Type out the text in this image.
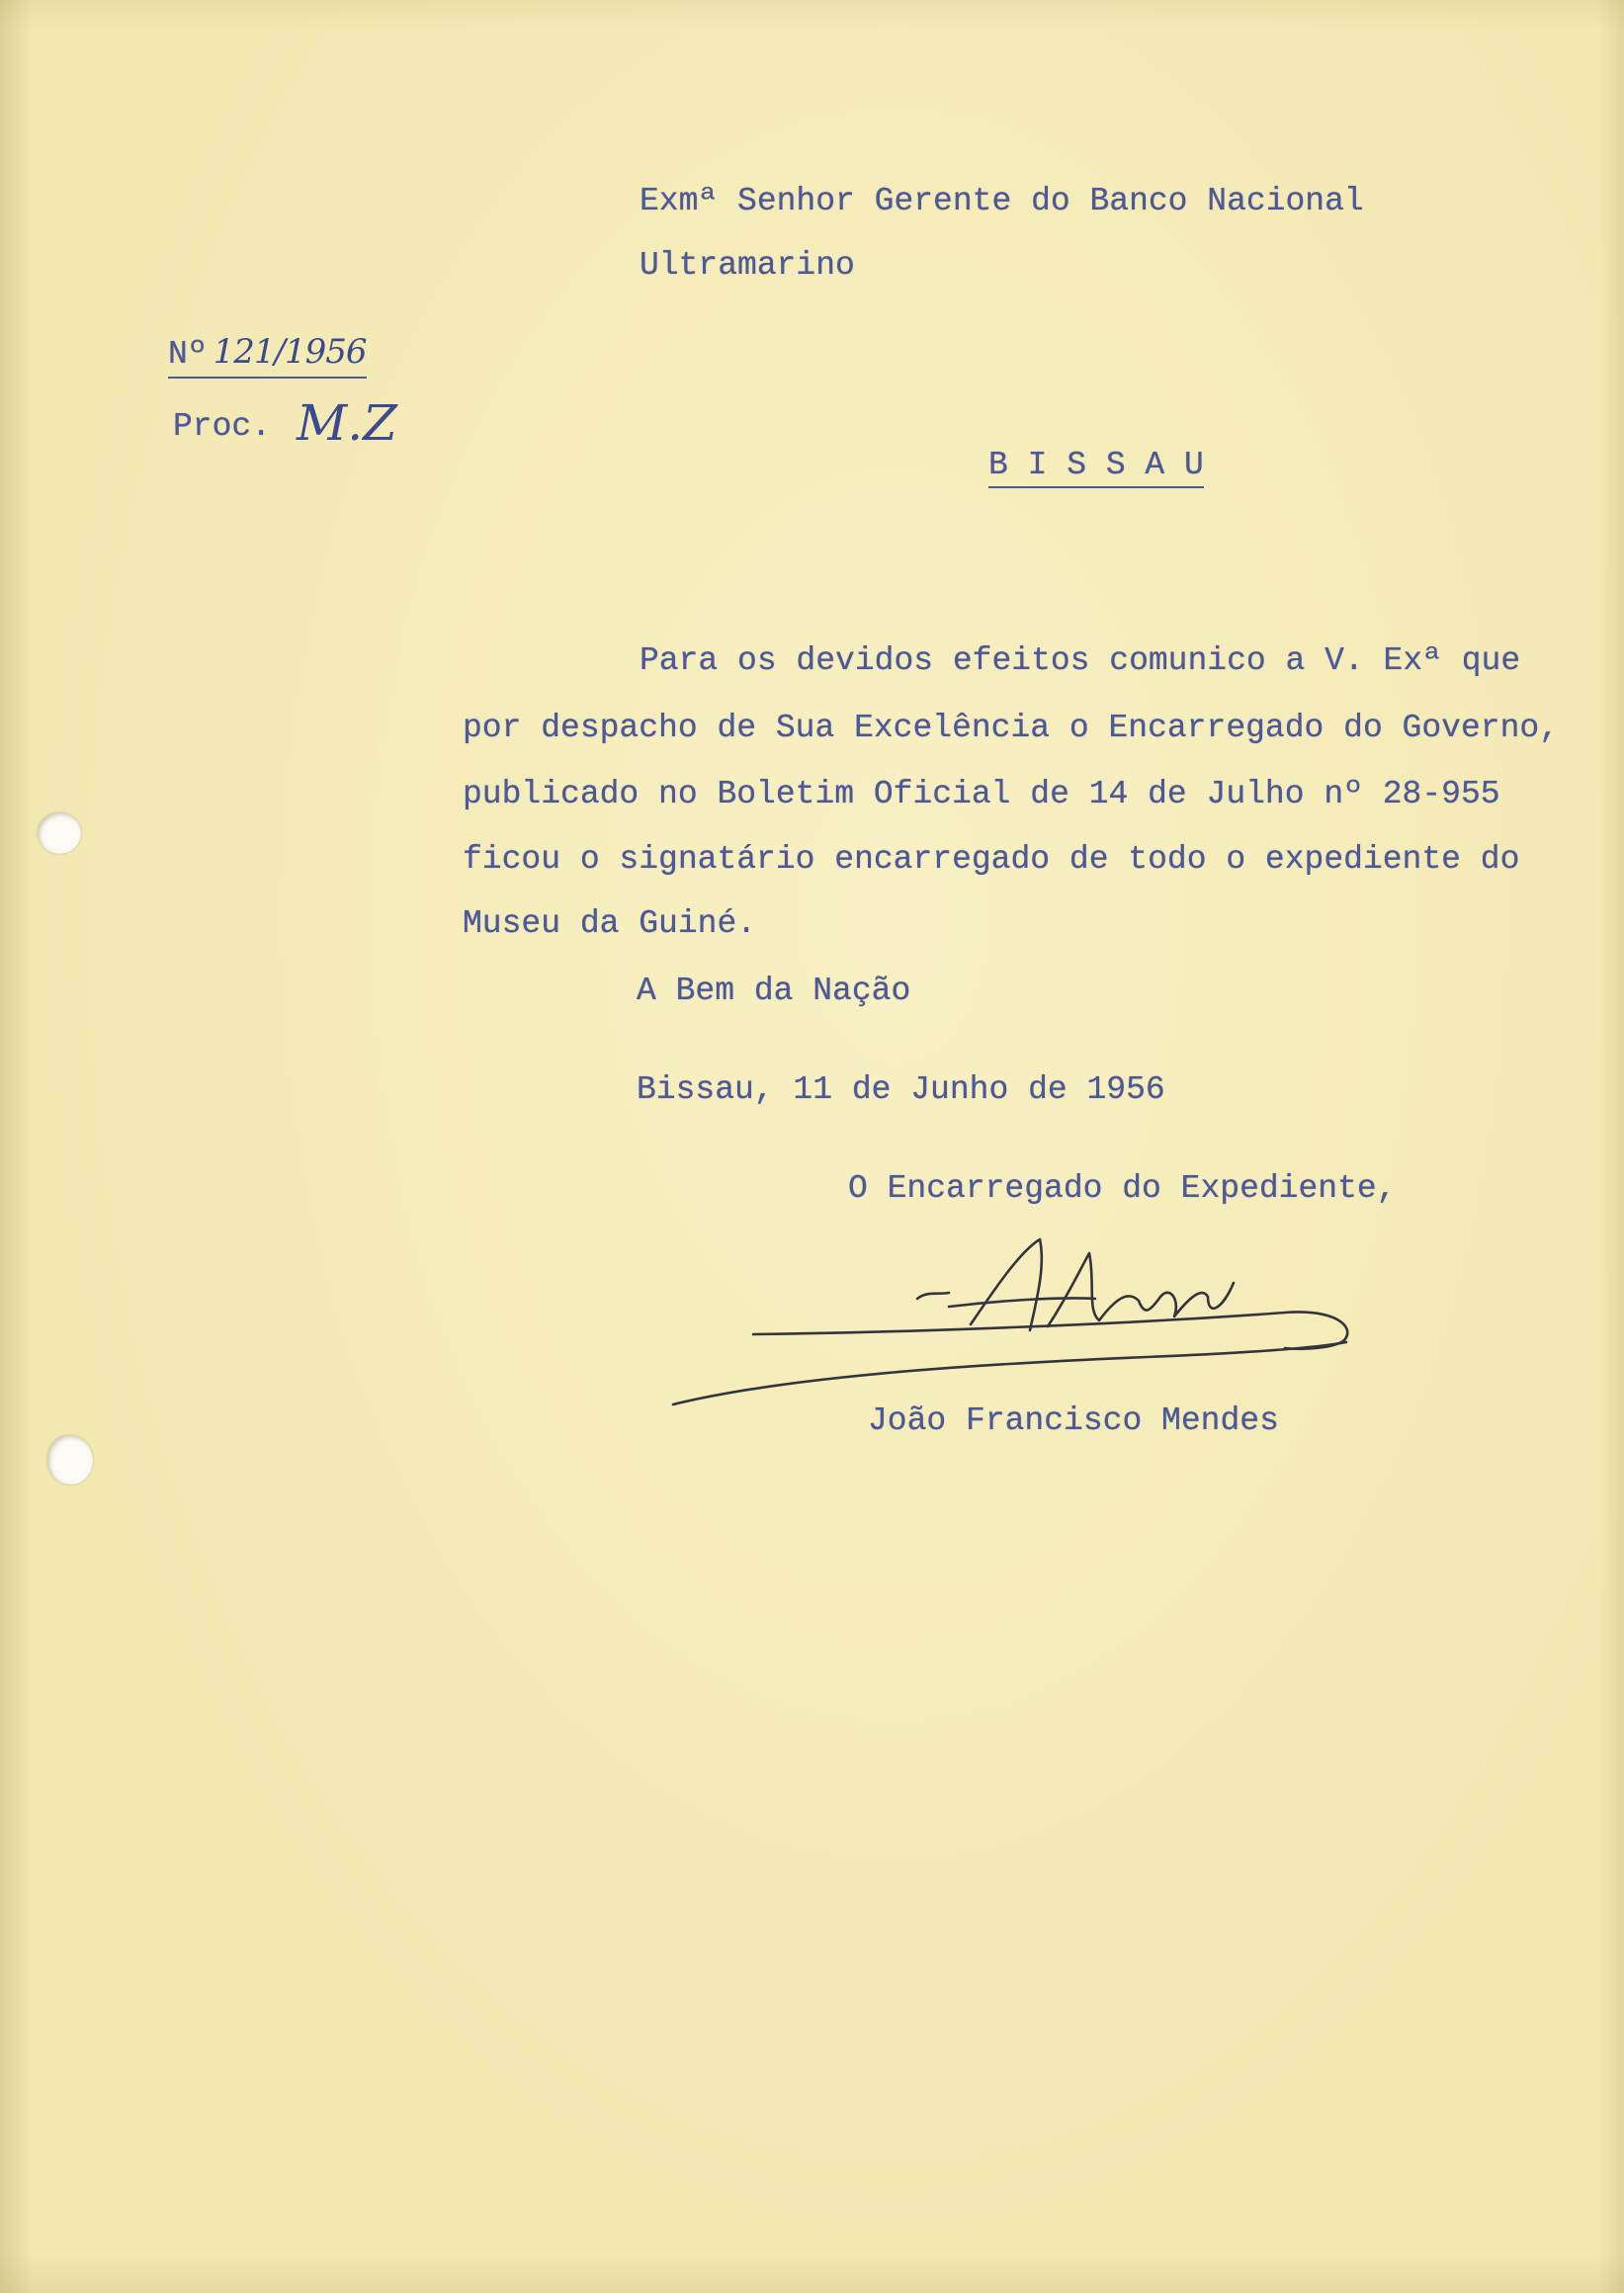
Exmª Senhor Gerente do Banco Nacional
Ultramarino
Nº 121/1956
Proc. M.Z
B I S S A U
Para os devidos efeitos comunico a V. Exª que
por despacho de Sua Excelência o Encarregado do Governo,
publicado no Boletim Oficial de 14 de Julho nº 28-955
ficou o signatário encarregado de todo o expediente do
Museu da Guiné.
A Bem da Nação
Bissau, 11 de Junho de 1956
O Encarregado do Expediente,
João Francisco Mendes
